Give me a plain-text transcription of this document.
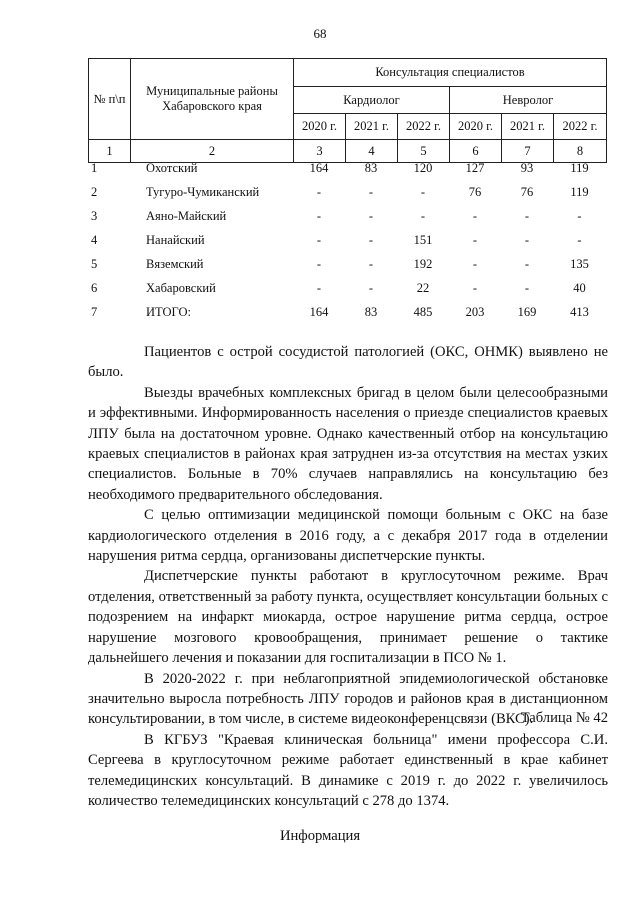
68
№ п\п	Муниципальные районы Хабаровского края	Консультация специалистов					
		Кардиолог			Невролог		
		2020 г.	2021 г.	2022 г.	2020 г.	2021 г.	2022 г.
1	2	3	4	5	6	7	8
1	Охотский	164	83	120	127	93	119
2	Тугуро-Чумиканский	-	-	-	76	76	119
3	Аяно-Майский	-	-	-	-	-	-
4	Нанайский	-	-	151	-	-	-
5	Вяземский	-	-	192	-	-	135
6	Хабаровский	-	-	22	-	-	40
7	ИТОГО:	164	83	485	203	169	413

Пациентов с острой сосудистой патологией (ОКС, ОНМК) выявлено не было.

Выезды врачебных комплексных бригад в целом были целесообразными и эффективными. Информированность населения о приезде специалистов краевых ЛПУ была на достаточном уровне. Однако качественный отбор на консультацию краевых специалистов в районах края затруднен из-за отсутствия на местах узких специалистов. Больные в 70% случаев направлялись на консультацию без необходимого предварительного обследования.

С целью оптимизации медицинской помощи больным с ОКС на базе кардиологического отделения в 2016 году, а с декабря 2017 года в отделении нарушения ритма сердца, организованы диспетчерские пункты.

Диспетчерские пункты работают в круглосуточном режиме. Врач отделения, ответственный за работу пункта, осуществляет консультации больных с подозрением на инфаркт миокарда, острое нарушение ритма сердца, острое нарушение мозгового кровообращения, принимает решение о тактике дальнейшего лечения и показании для госпитализации в ПСО № 1.

В 2020-2022 г. при неблагоприятной эпидемиологической обстановке значительно выросла потребность ЛПУ городов и районов края в дистанционном консультировании, в том числе, в системе видеоконференцсвязи (ВКС).

В КГБУЗ "Краевая клиническая больница" имени профессора С.И. Сергеева в круглосуточном режиме работает единственный в крае кабинет телемедицинских консультаций. В динамике с 2019 г. до 2022 г. увеличилось количество телемедицинских консультаций с 278 до 1374.

Таблица № 42
Информация
